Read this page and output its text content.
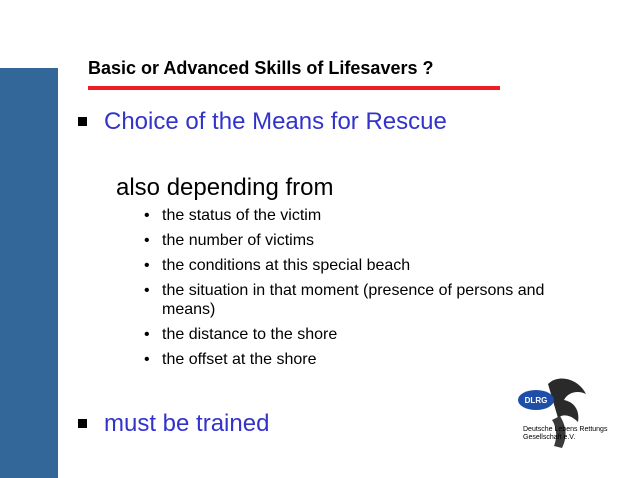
Basic or Advanced Skills of Lifesavers ?
Choice of the Means for Rescue
also depending from
• the status of the victim
• the number of victims
• the conditions at this special beach
• the situation in that moment (presence of persons and means)
• the distance to the shore
• the offset at the shore
must be trained
DLRG
Deutsche Lebens Rettungs
Gesellschaft e.V.
